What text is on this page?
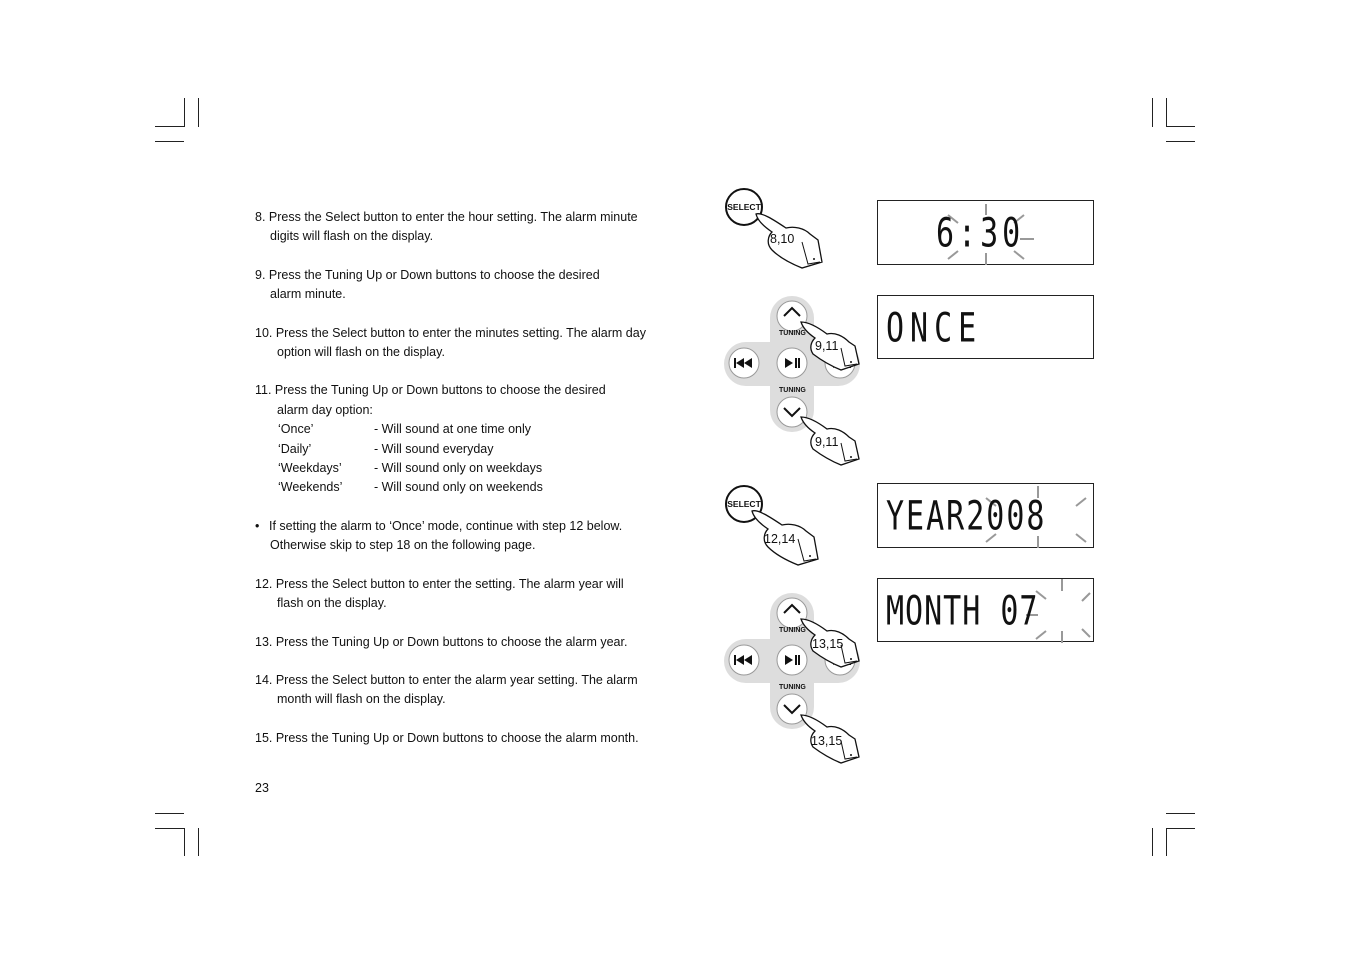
8. Press the Select button to enter the hour setting. The alarm minute
digits will flash on the display.
9. Press the Tuning Up or Down buttons to choose the desired
alarm minute.
10. Press the Select button to enter the minutes setting. The alarm day
option will flash on the display.
11. Press the Tuning Up or Down buttons to choose the desired
alarm day option:
‘Once’	- Will sound at one time only
‘Daily’	- Will sound everyday
‘Weekdays’	- Will sound only on weekdays
‘Weekends’	- Will sound only on weekends
• If setting the alarm to ‘Once’ mode, continue with step 12 below.
Otherwise skip to step 18 on the following page.
12. Press the Select button to enter the setting. The alarm year will
flash on the display.
13. Press the Tuning Up or Down buttons to choose the alarm year.
14. Press the Select button to enter the alarm year setting. The alarm
month will flash on the display.
15. Press the Tuning Up or Down buttons to choose the alarm month.
23
SELECT
8,10	6:30
TUNING
TUNING
9,11
9,11
ONCE
SELECT
12,14	YEAR2008
TUNING
TUNING
13,15
13,15
MONTH 07
